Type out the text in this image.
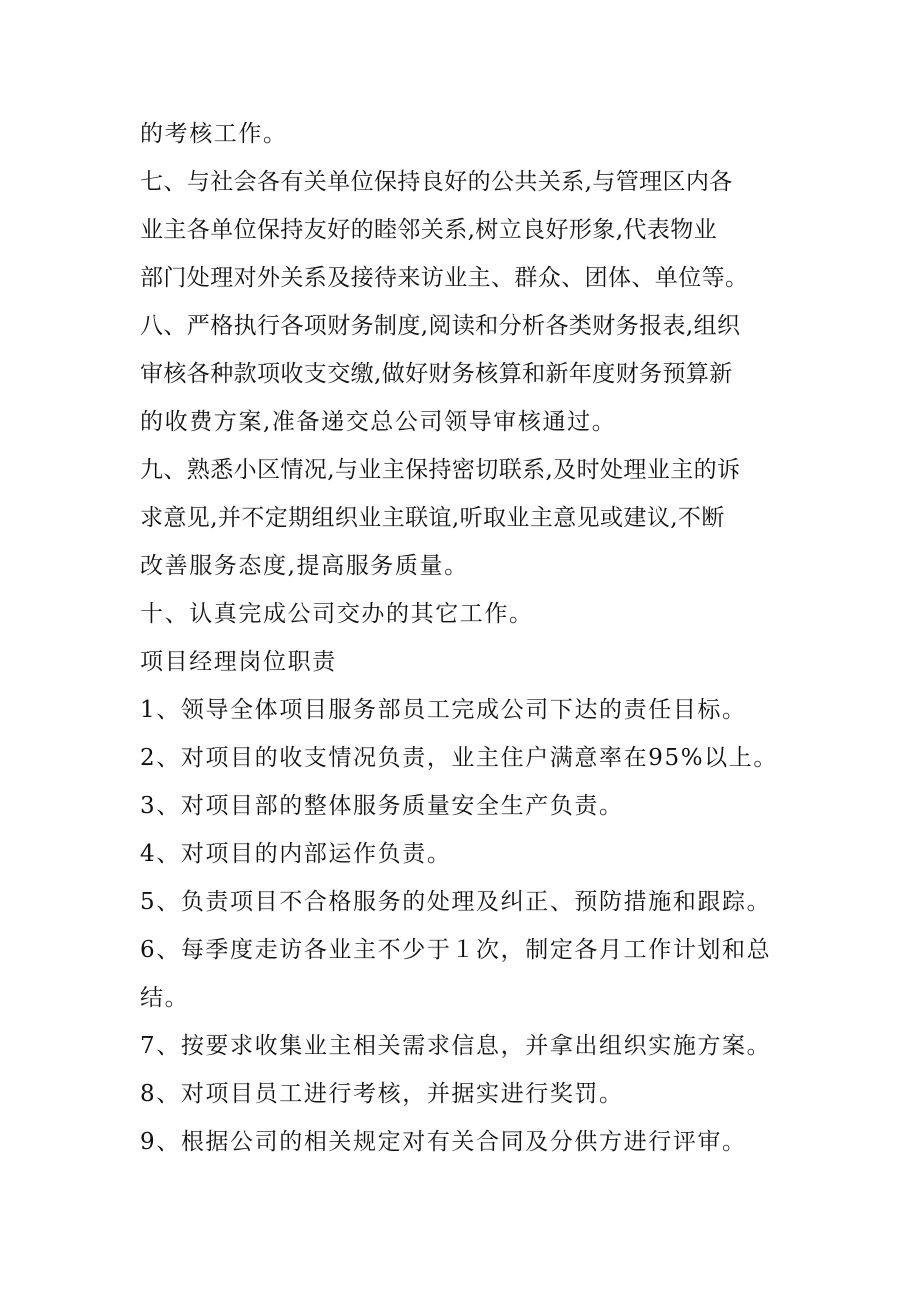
的考核工作。

七、与社会各有关单位保持良好的公共关系,与管理区内各

业主各单位保持友好的睦邻关系,树立良好形象,代表物业

部门处理对外关系及接待来访业主、群众、团体、单位等。

八、严格执行各项财务制度,阅读和分析各类财务报表,组织

审核各种款项收支交缴,做好财务核算和新年度财务预算新

的收费方案,准备递交总公司领导审核通过。

九、熟悉小区情况,与业主保持密切联系,及时处理业主的诉

求意见,并不定期组织业主联谊,听取业主意见或建议,不断

改善服务态度,提高服务质量。

十、认真完成公司交办的其它工作。

项目经理岗位职责

1、领导全体项目服务部员工完成公司下达的责任目标。

2、对项目的收支情况负责，业主住户满意率在95%以上。

3、对项目部的整体服务质量安全生产负责。

4、对项目的内部运作负责。

5、负责项目不合格服务的处理及纠正、预防措施和跟踪。

6、每季度走访各业主不少于１次，制定各月工作计划和总

结。

7、按要求收集业主相关需求信息，并拿出组织实施方案。

8、对项目员工进行考核，并据实进行奖罚。

9、根据公司的相关规定对有关合同及分供方进行评审。
